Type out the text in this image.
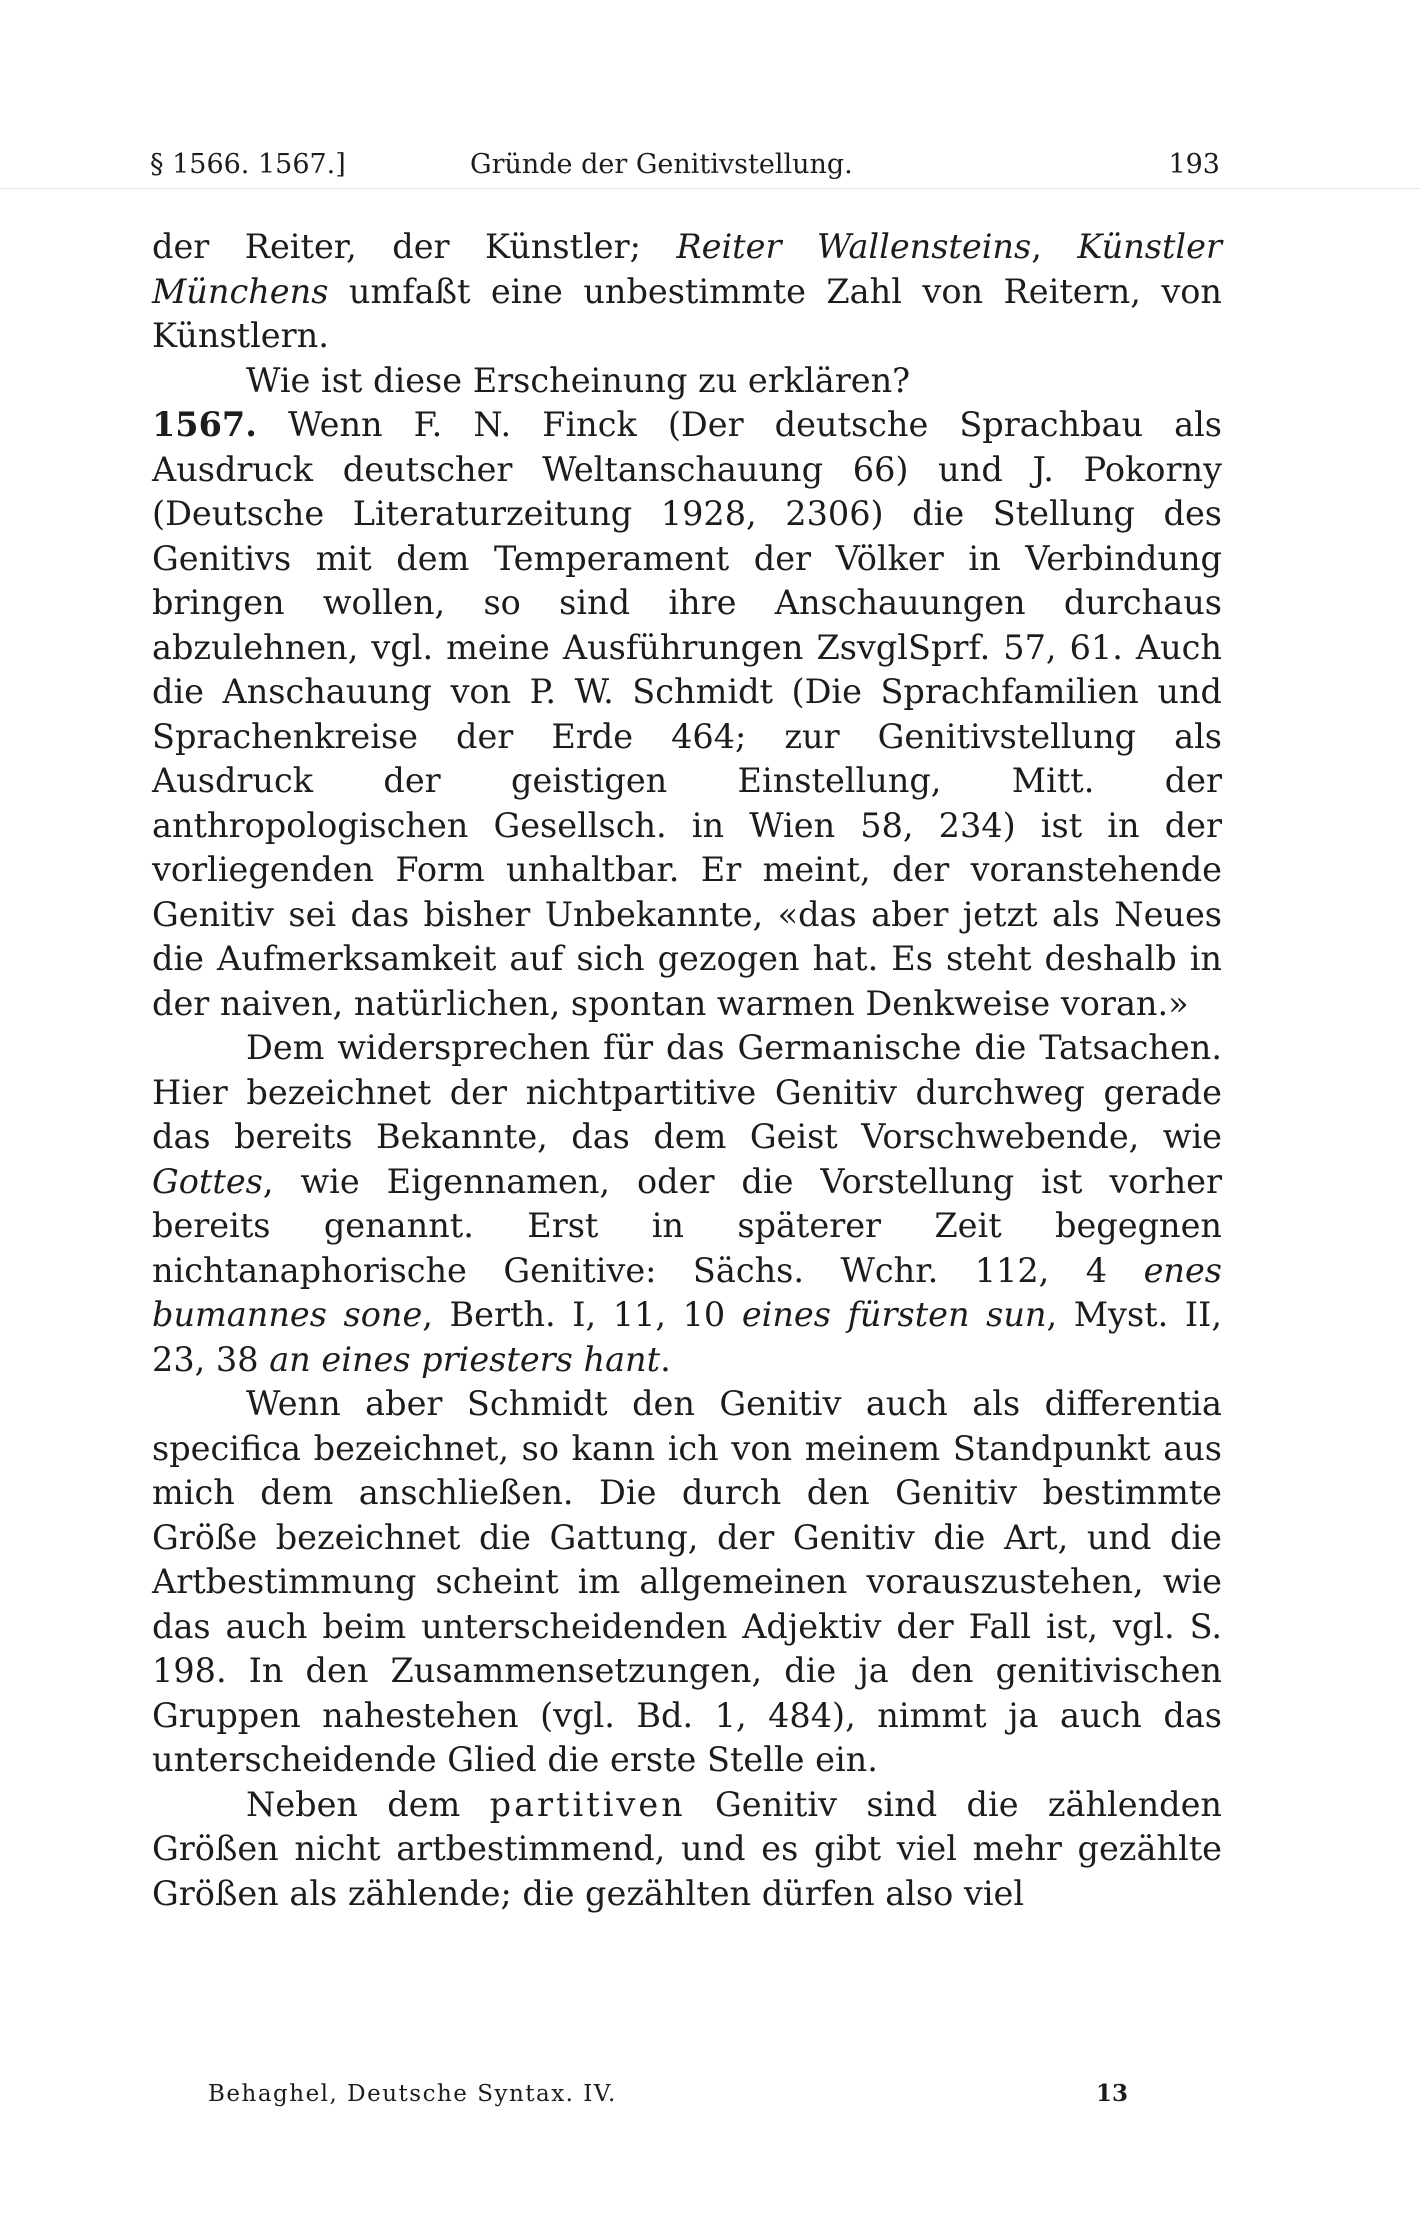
§ 1566. 1567.]	Gründe der Genitivstellung.	193

der Reiter, der Künstler; Reiter Wallensteins, Künstler Münchens umfaßt eine unbestimmte Zahl von Reitern, von Künstlern.

Wie ist diese Erscheinung zu erklären?

1567. Wenn F. N. Finck (Der deutsche Sprachbau als Ausdruck deutscher Weltanschauung 66) und J. Pokorny (Deutsche Literaturzeitung 1928, 2306) die Stellung des Genitivs mit dem Temperament der Völker in Verbindung bringen wollen, so sind ihre Anschauungen durchaus abzulehnen, vgl. meine Ausführungen ZsvglSprf. 57, 61. Auch die Anschauung von P. W. Schmidt (Die Sprachfamilien und Sprachenkreise der Erde 464; zur Genitivstellung als Ausdruck der geistigen Einstellung, Mitt. der anthropologischen Gesellsch. in Wien 58, 234) ist in der vorliegenden Form unhaltbar. Er meint, der voranstehende Genitiv sei das bisher Unbekannte, «das aber jetzt als Neues die Aufmerksamkeit auf sich gezogen hat. Es steht deshalb in der naiven, natürlichen, spontan warmen Denkweise voran.»

Dem widersprechen für das Germanische die Tatsachen. Hier bezeichnet der nichtpartitive Genitiv durchweg gerade das bereits Bekannte, das dem Geist Vorschwebende, wie Gottes, wie Eigennamen, oder die Vorstellung ist vorher bereits genannt. Erst in späterer Zeit begegnen nichtanaphorische Genitive: Sächs. Wchr. 112, 4 enes bumannes sone, Berth. I, 11, 10 eines fürsten sun, Myst. II, 23, 38 an eines priesters hant.

Wenn aber Schmidt den Genitiv auch als differentia specifica bezeichnet, so kann ich von meinem Standpunkt aus mich dem anschließen. Die durch den Genitiv bestimmte Größe bezeichnet die Gattung, der Genitiv die Art, und die Artbestimmung scheint im allgemeinen vorauszustehen, wie das auch beim unterscheidenden Adjektiv der Fall ist, vgl. S. 198. In den Zusammensetzungen, die ja den genitivischen Gruppen nahestehen (vgl. Bd. 1, 484), nimmt ja auch das unterscheidende Glied die erste Stelle ein.

Neben dem partitiven Genitiv sind die zählenden Größen nicht artbestimmend, und es gibt viel mehr gezählte Größen als zählende; die gezählten dürfen also viel

Behaghel, Deutsche Syntax. IV.	13
